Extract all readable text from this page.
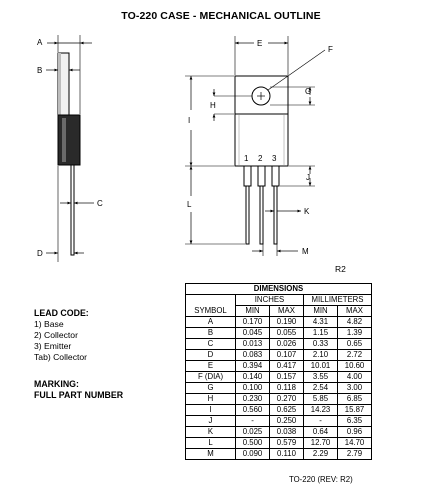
TO-220 CASE - MECHANICAL OUTLINE
A
B
C
D
E
F
G
H
I
J
K
L
M
1 2 3
R2
LEAD CODE:
1) Base
2) Collector
3) Emitter
Tab) Collector
MARKING:
FULL PART NUMBER
DIMENSIONS				
	INCHES		MILLIMETERS	
SYMBOL	MIN	MAX	MIN	MAX
A	0.170	0.190	4.31	4.82
B	0.045	0.055	1.15	1.39
C	0.013	0.026	0.33	0.65
D	0.083	0.107	2.10	2.72
E	0.394	0.417	10.01	10.60
F (DIA)	0.140	0.157	3.55	4.00
G	0.100	0.118	2.54	3.00
H	0.230	0.270	5.85	6.85
I	0.560	0.625	14.23	15.87
J	-	0.250	-	6.35
K	0.025	0.038	0.64	0.96
L	0.500	0.579	12.70	14.70
M	0.090	0.110	2.29	2.79
TO-220 (REV: R2)
